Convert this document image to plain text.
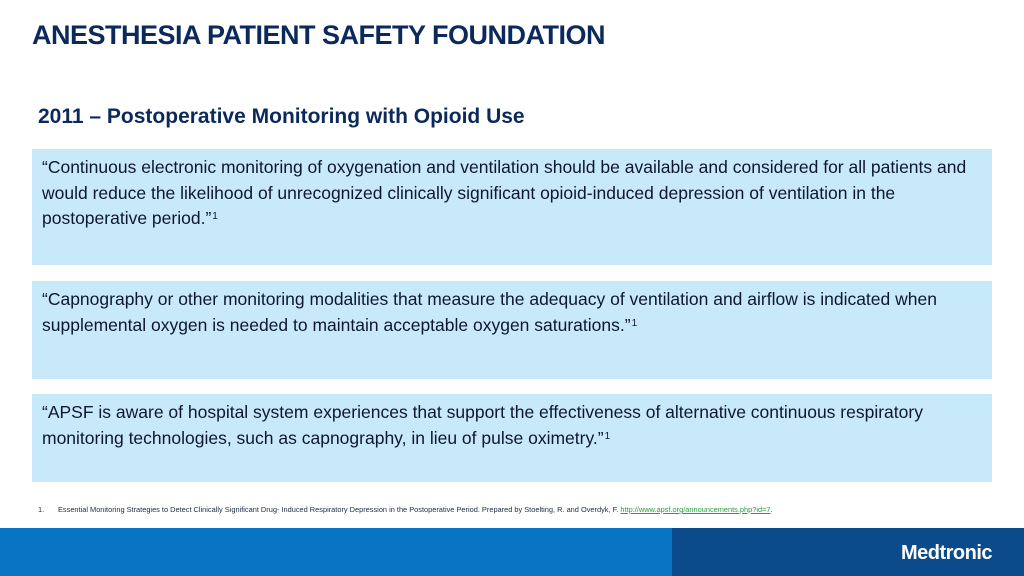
ANESTHESIA PATIENT SAFETY FOUNDATION
2011 – Postoperative Monitoring with Opioid Use
“Continuous electronic monitoring of oxygenation and ventilation should be available and considered for all patients and would reduce the likelihood of unrecognized clinically significant opioid-induced depression of ventilation in the postoperative period.”$^1$
“Capnography or other monitoring modalities that measure the adequacy of ventilation and airflow is indicated when supplemental oxygen is needed to maintain acceptable oxygen saturations.”$^1$
“APSF is aware of hospital system experiences that support the effectiveness of alternative continuous respiratory monitoring technologies, such as capnography, in lieu of pulse oximetry.”$^1$
1. Essential Monitoring Strategies to Detect Clinically Significant Drug- Induced Respiratory Depression in the Postoperative Period. Prepared by Stoelting, R. and Overdyk, F. http://www.apsf.org/announcements.php?id=7.
Medtronic
